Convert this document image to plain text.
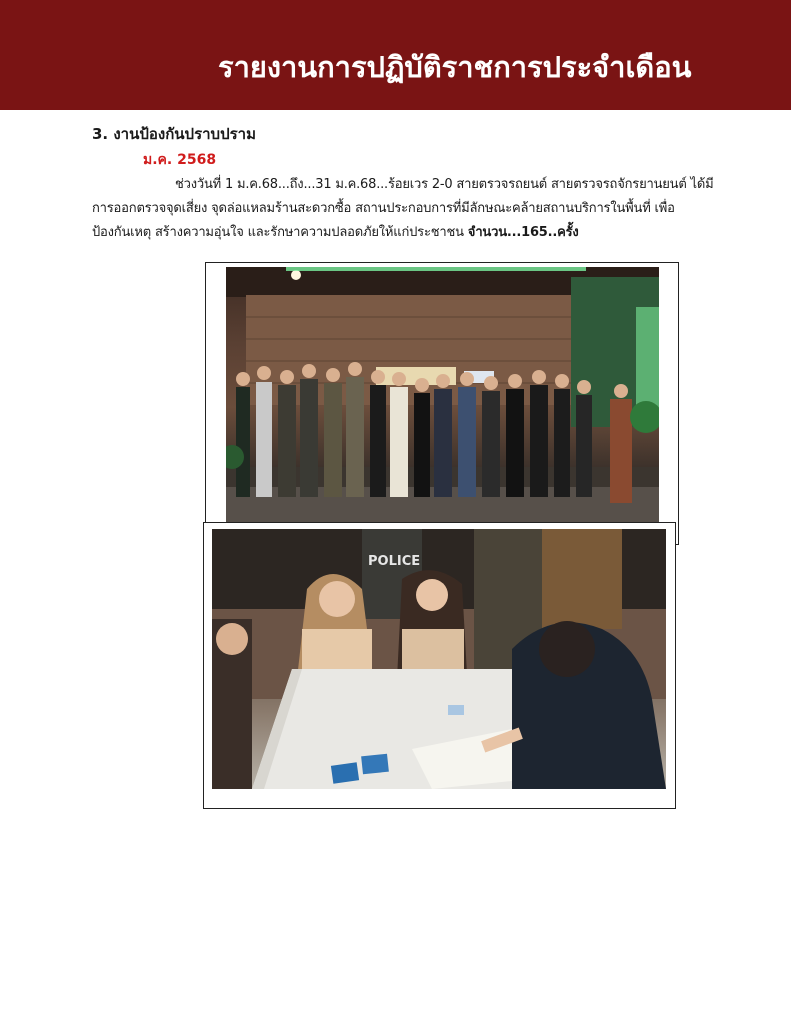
รายงานการปฏิบัติราชการประจำเดือน
3. งานป้องกันปราบปราม
ม.ค. 2568
ช่วงวันที่ 1 ม.ค.68...ถึง...31 ม.ค.68...ร้อยเวร 2-0 สายตรวจรถยนต์ สายตรวจรถจักรยานยนต์ ได้มี
การออกตรวจจุดเสี่ยง จุดล่อแหลมร้านสะดวกซื้อ สถานประกอบการที่มีลักษณะคล้ายสถานบริการในพื้นที่ เพื่อ
ป้องกันเหตุ สร้างความอุ่นใจ และรักษาความปลอดภัยให้แก่ประชาชน จำนวน...165..ครั้ง
POLICE
